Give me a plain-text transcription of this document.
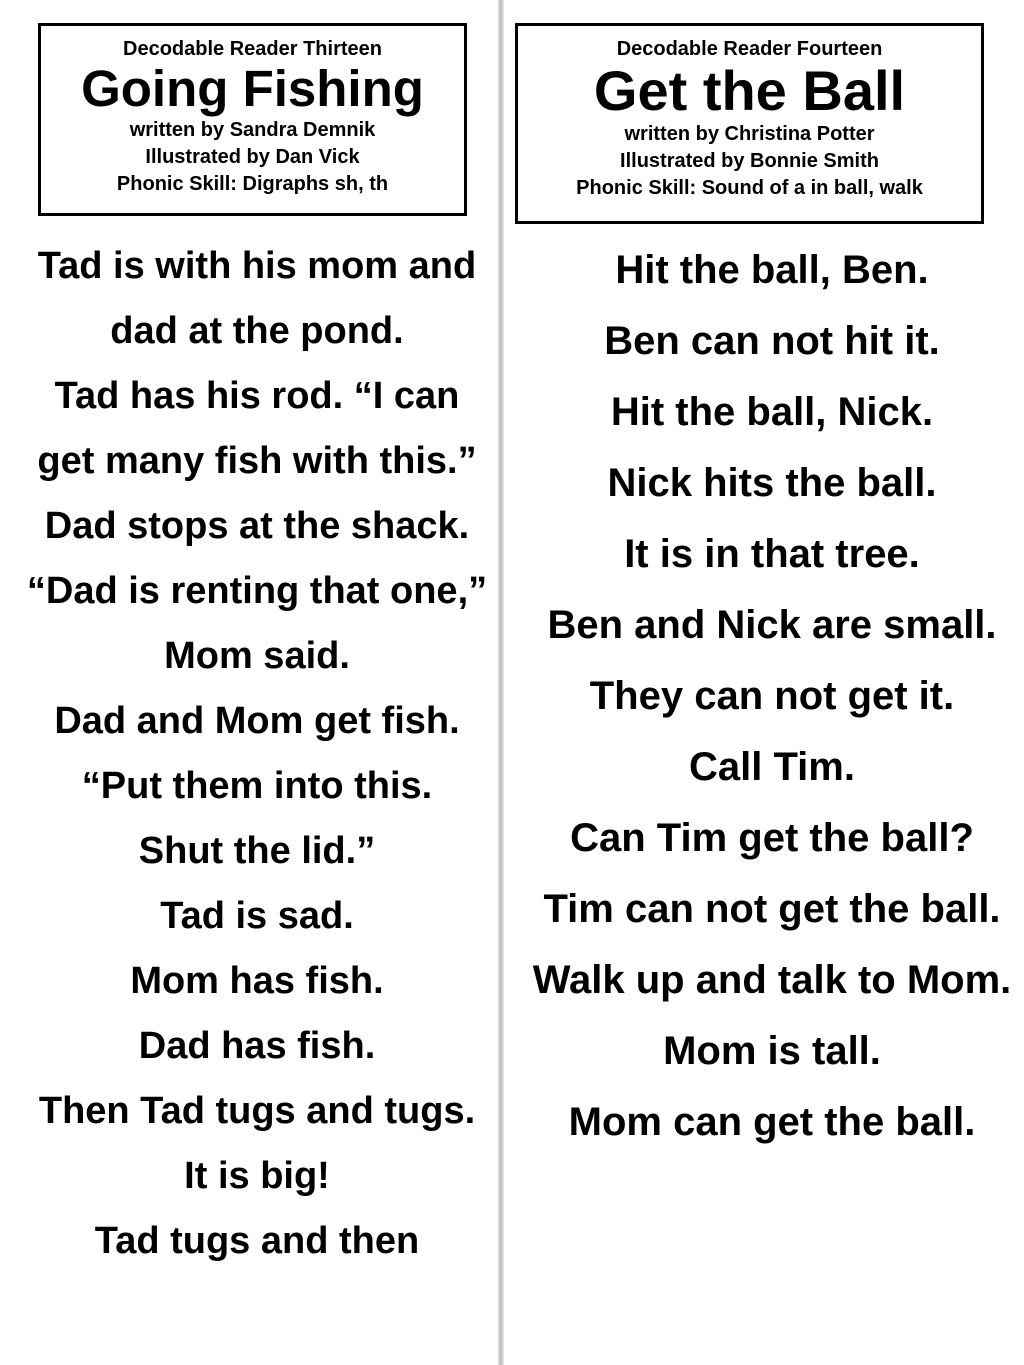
Decodable Reader Thirteen
Going Fishing
written by Sandra Demnik
Illustrated by Dan Vick
Phonic Skill: Digraphs sh, th
Tad is with his mom and dad at the pond.
Tad has his rod. “I can get many fish with this.”
Dad stops at the shack. “Dad is renting that one,” Mom said.
Dad and Mom get fish.
“Put them into this.
Shut the lid.”
Tad is sad.
Mom has fish.
Dad has fish.
Then Tad tugs and tugs.
It is big!
Tad tugs and then
Decodable Reader Fourteen
Get the Ball
written by Christina Potter
Illustrated by Bonnie Smith
Phonic Skill: Sound of a in ball, walk
Hit the ball, Ben.
Ben can not hit it.
Hit the ball, Nick.
Nick hits the ball.
It is in that tree.
Ben and Nick are small.
They can not get it.
Call Tim.
Can Tim get the ball?
Tim can not get the ball.
Walk up and talk to Mom.
Mom is tall.
Mom can get the ball.
